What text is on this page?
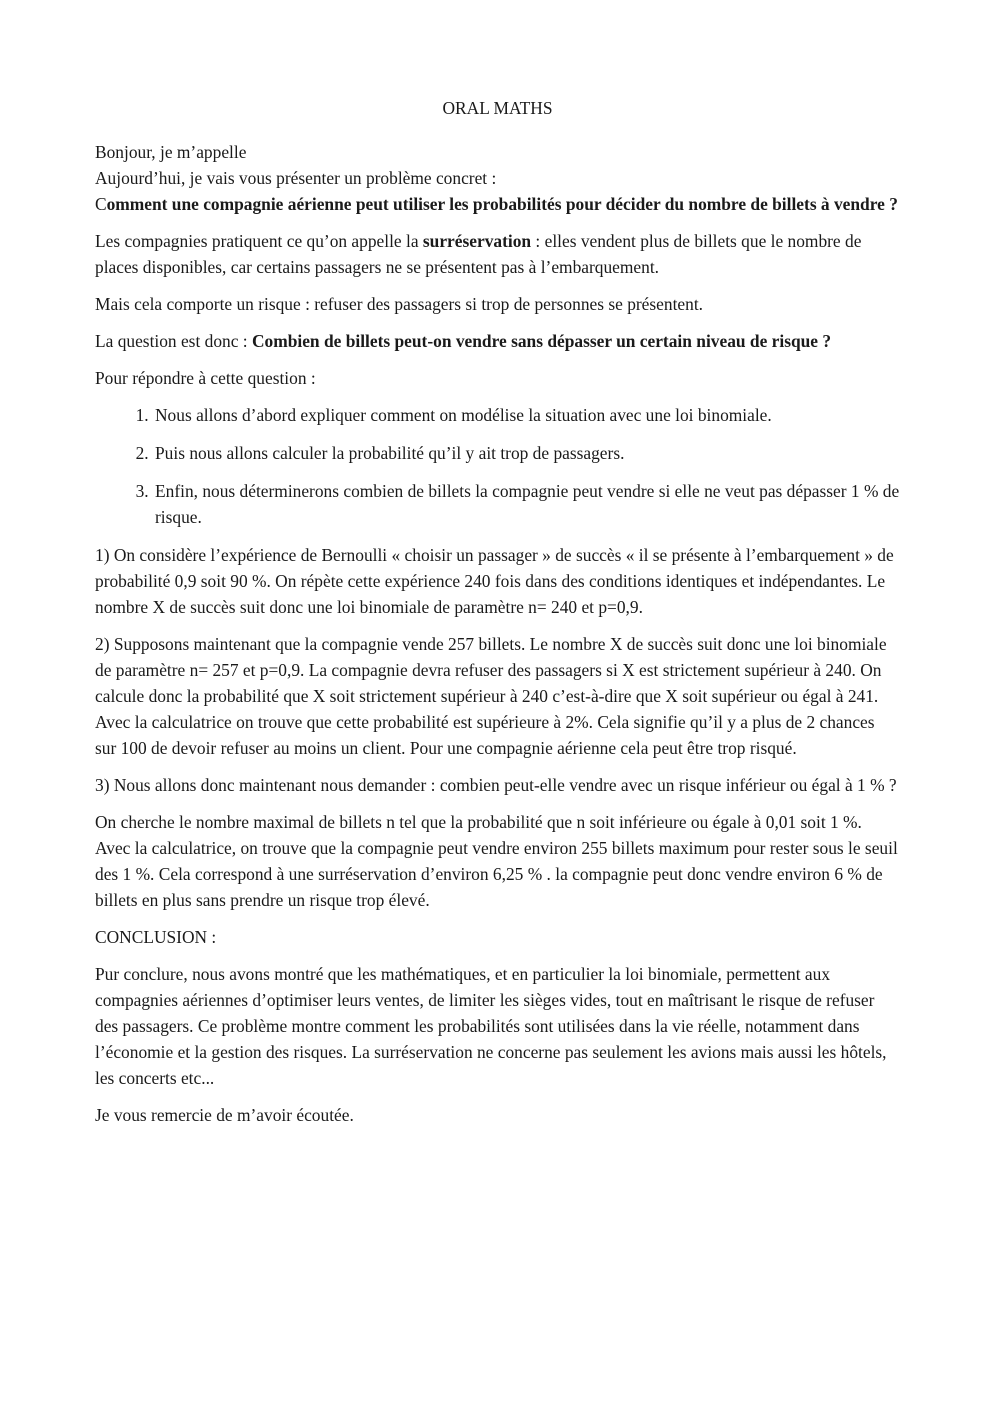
ORAL MATHS

Bonjour, je m’appelle

Aujourd’hui, je vais vous présenter un problème concret :

Comment une compagnie aérienne peut utiliser les probabilités pour décider du nombre de billets à vendre ?

Les compagnies pratiquent ce qu’on appelle la surréservation : elles vendent plus de billets que le nombre de places disponibles, car certains passagers ne se présentent pas à l’embarquement.

Mais cela comporte un risque : refuser des passagers si trop de personnes se présentent.

La question est donc : Combien de billets peut-on vendre sans dépasser un certain niveau de risque ?

Pour répondre à cette question :

1. Nous allons d’abord expliquer comment on modélise la situation avec une loi binomiale.
2. Puis nous allons calculer la probabilité qu’il y ait trop de passagers.
3. Enfin, nous déterminerons combien de billets la compagnie peut vendre si elle ne veut pas dépasser 1 % de risque.

1) On considère l’expérience de Bernoulli « choisir un passager » de succès « il se présente à l’embarquement » de probabilité 0,9 soit 90 %. On répète cette expérience 240 fois dans des conditions identiques et indépendantes. Le nombre X de succès suit donc une loi binomiale de paramètre n= 240 et p=0,9.

2) Supposons maintenant que la compagnie vende 257 billets. Le nombre X de succès suit donc une loi binomiale de paramètre n= 257 et p=0,9. La compagnie devra refuser des passagers si X est strictement supérieur à 240. On calcule donc la probabilité que X soit strictement supérieur à 240 c’est-à-dire que X soit supérieur ou égal à 241. Avec la calculatrice on trouve que cette probabilité est supérieure à 2%. Cela signifie qu’il y a plus de 2 chances sur 100 de devoir refuser au moins un client. Pour une compagnie aérienne cela peut être trop risqué.

3) Nous allons donc maintenant nous demander : combien peut-elle vendre avec un risque inférieur ou égal à 1 % ?

On cherche le nombre maximal de billets n tel que la probabilité que n soit inférieure ou égale à 0,01 soit 1 %. Avec la calculatrice, on trouve que la compagnie peut vendre environ 255 billets maximum pour rester sous le seuil des 1 %. Cela correspond à une surréservation d’environ 6,25 % . la compagnie peut donc vendre environ 6 % de billets en plus sans prendre un risque trop élevé.

CONCLUSION :

Pur conclure, nous avons montré que les mathématiques, et en particulier la loi binomiale, permettent aux compagnies aériennes d’optimiser leurs ventes, de limiter les sièges vides, tout en maîtrisant le risque de refuser des passagers. Ce problème montre comment les probabilités sont utilisées dans la vie réelle, notamment dans l’économie et la gestion des risques. La surréservation ne concerne pas seulement les avions mais aussi les hôtels, les concerts etc...

Je vous remercie de m’avoir écoutée.
